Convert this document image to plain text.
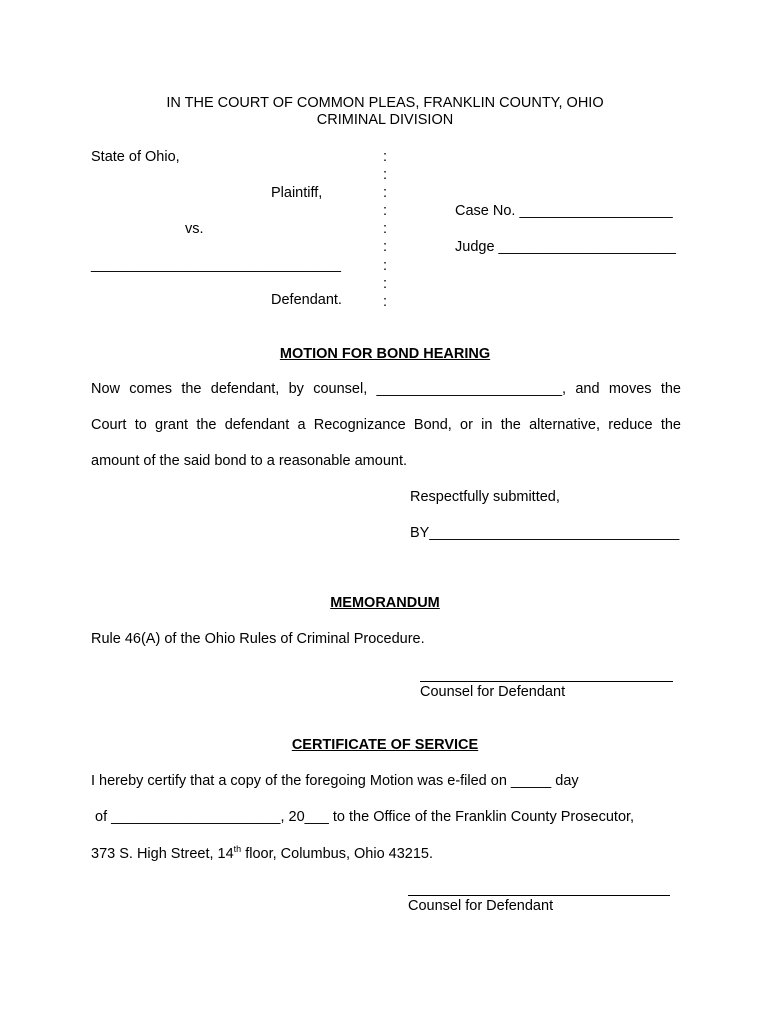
IN THE COURT OF COMMON PLEAS, FRANKLIN COUNTY, OHIO
CRIMINAL DIVISION
State of Ohio,
Plaintiff,
vs.
_______________________________
Defendant.
:
:
:
:
:
:
:
:
:
Case No. ___________________
Judge ______________________
MOTION FOR BOND HEARING
Now comes the defendant, by counsel, _______________________, and moves the
Court to grant the defendant a Recognizance Bond, or in the alternative, reduce the
amount of the said bond to a reasonable amount.
Respectfully submitted,
BY_______________________________
MEMORANDUM
Rule 46(A) of the Ohio Rules of Criminal Procedure.
Counsel for Defendant
CERTIFICATE OF SERVICE
I hereby certify that a copy of the foregoing Motion was e-filed on _____ day
of _____________________, 20___ to the Office of the Franklin County Prosecutor,
373 S. High Street, 14th floor, Columbus, Ohio 43215.
Counsel for Defendant
